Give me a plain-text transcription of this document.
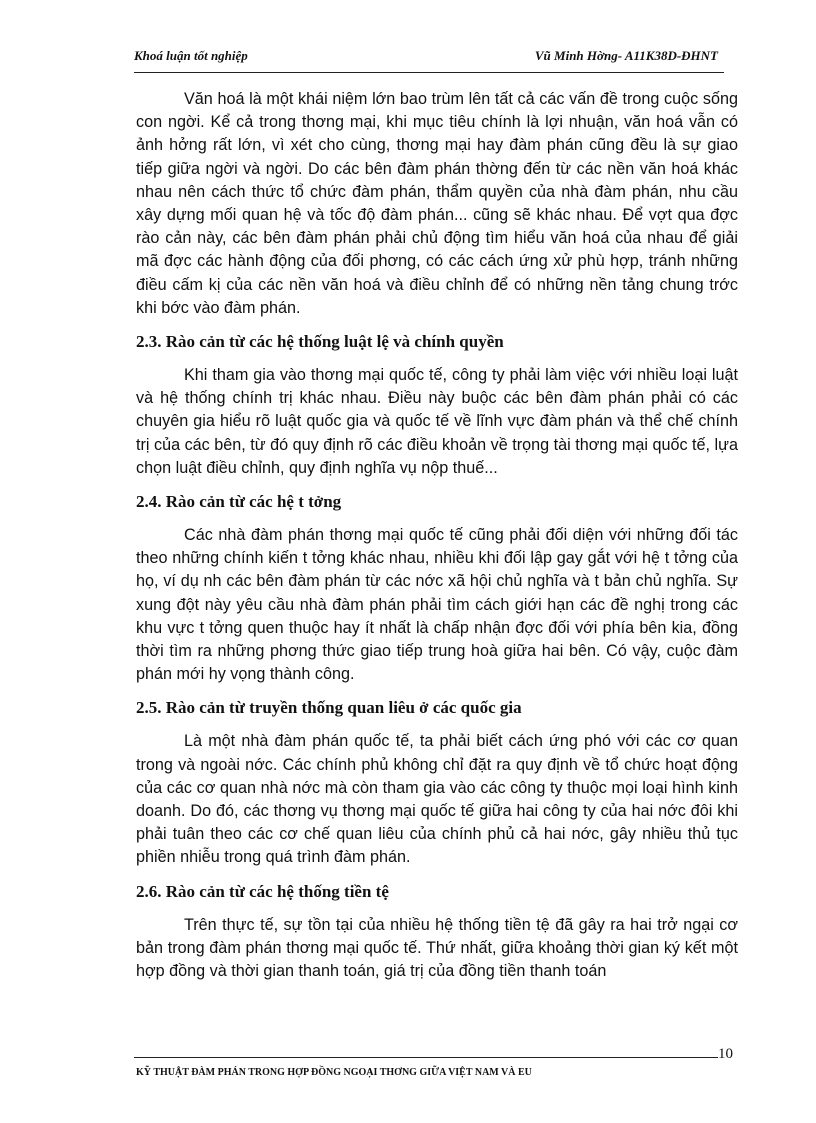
Khoá luận tốt nghiệp	Vũ Minh Hờng- A11K38D-ĐHNT

Văn hoá là một khái niệm lớn bao trùm lên tất cả các vấn đề trong cuộc sống con ngời. Kể cả trong thơng mại, khi mục tiêu chính là lợi nhuận, văn hoá vẫn có ảnh hởng rất lớn, vì xét cho cùng, thơng mại hay đàm phán cũng đều là sự giao tiếp giữa ngời và ngời. Do các bên đàm phán thờng đến từ các nền văn hoá khác nhau nên cách thức tổ chức đàm phán, thẩm quyền của nhà đàm phán, nhu cầu xây dựng mối quan hệ và tốc độ đàm phán... cũng sẽ khác nhau. Để vợt qua đợc rào cản này, các bên đàm phán phải chủ động tìm hiểu văn hoá của nhau để giải mã đợc các hành động của đối phơng, có các cách ứng xử phù hợp, tránh những điều cấm kị của các nền văn hoá và điều chỉnh để có những nền tảng chung trớc khi bớc vào đàm phán.

2.3. Rào cản từ các hệ thống luật lệ và chính quyền

Khi tham gia vào thơng mại quốc tế, công ty phải làm việc với nhiều loại luật và hệ thống chính trị khác nhau. Điều này buộc các bên đàm phán phải có các chuyên gia hiểu rõ luật quốc gia và quốc tế về lĩnh vực đàm phán và thể chế chính trị của các bên, từ đó quy định rõ các điều khoản về trọng tài thơng mại quốc tế, lựa chọn luật điều chỉnh, quy định nghĩa vụ nộp thuế...

2.4. Rào cản từ các hệ t tởng

Các nhà đàm phán thơng mại quốc tế cũng phải đối diện với những đối tác theo những chính kiến t tởng khác nhau, nhiều khi đối lập gay gắt với hệ t tởng của họ, ví dụ nh các bên đàm phán từ các nớc xã hội chủ nghĩa và t bản chủ nghĩa. Sự xung đột này yêu cầu nhà đàm phán phải tìm cách giới hạn các đề nghị trong các khu vực t tởng quen thuộc hay ít nhất là chấp nhận đợc đối với phía bên kia, đồng thời tìm ra những phơng thức giao tiếp trung hoà giữa hai bên. Có vậy, cuộc đàm phán mới hy vọng thành công.

2.5. Rào cản từ truyền thống quan liêu ở các quốc gia

Là một nhà đàm phán quốc tế, ta phải biết cách ứng phó với các cơ quan trong và ngoài nớc. Các chính phủ không chỉ đặt ra quy định về tổ chức hoạt động của các cơ quan nhà nớc mà còn tham gia vào các công ty thuộc mọi loại hình kinh doanh. Do đó, các thơng vụ thơng mại quốc tế giữa hai công ty của hai nớc đôi khi phải tuân theo các cơ chế quan liêu của chính phủ cả hai nớc, gây nhiều thủ tục phiền nhiễu trong quá trình đàm phán.

2.6. Rào cản từ các hệ thống tiền tệ

Trên thực tế, sự tồn tại của nhiều hệ thống tiền tệ đã gây ra hai trở ngại cơ bản trong đàm phán thơng mại quốc tế. Thứ nhất, giữa khoảng thời gian ký kết một hợp đồng và thời gian thanh toán, giá trị của đồng tiền thanh toán

10
KỸ THUẬT ĐÀM PHÁN TRONG HỢP ĐỒNG NGOẠI THƠNG GIỮA VIỆT NAM VÀ EU
